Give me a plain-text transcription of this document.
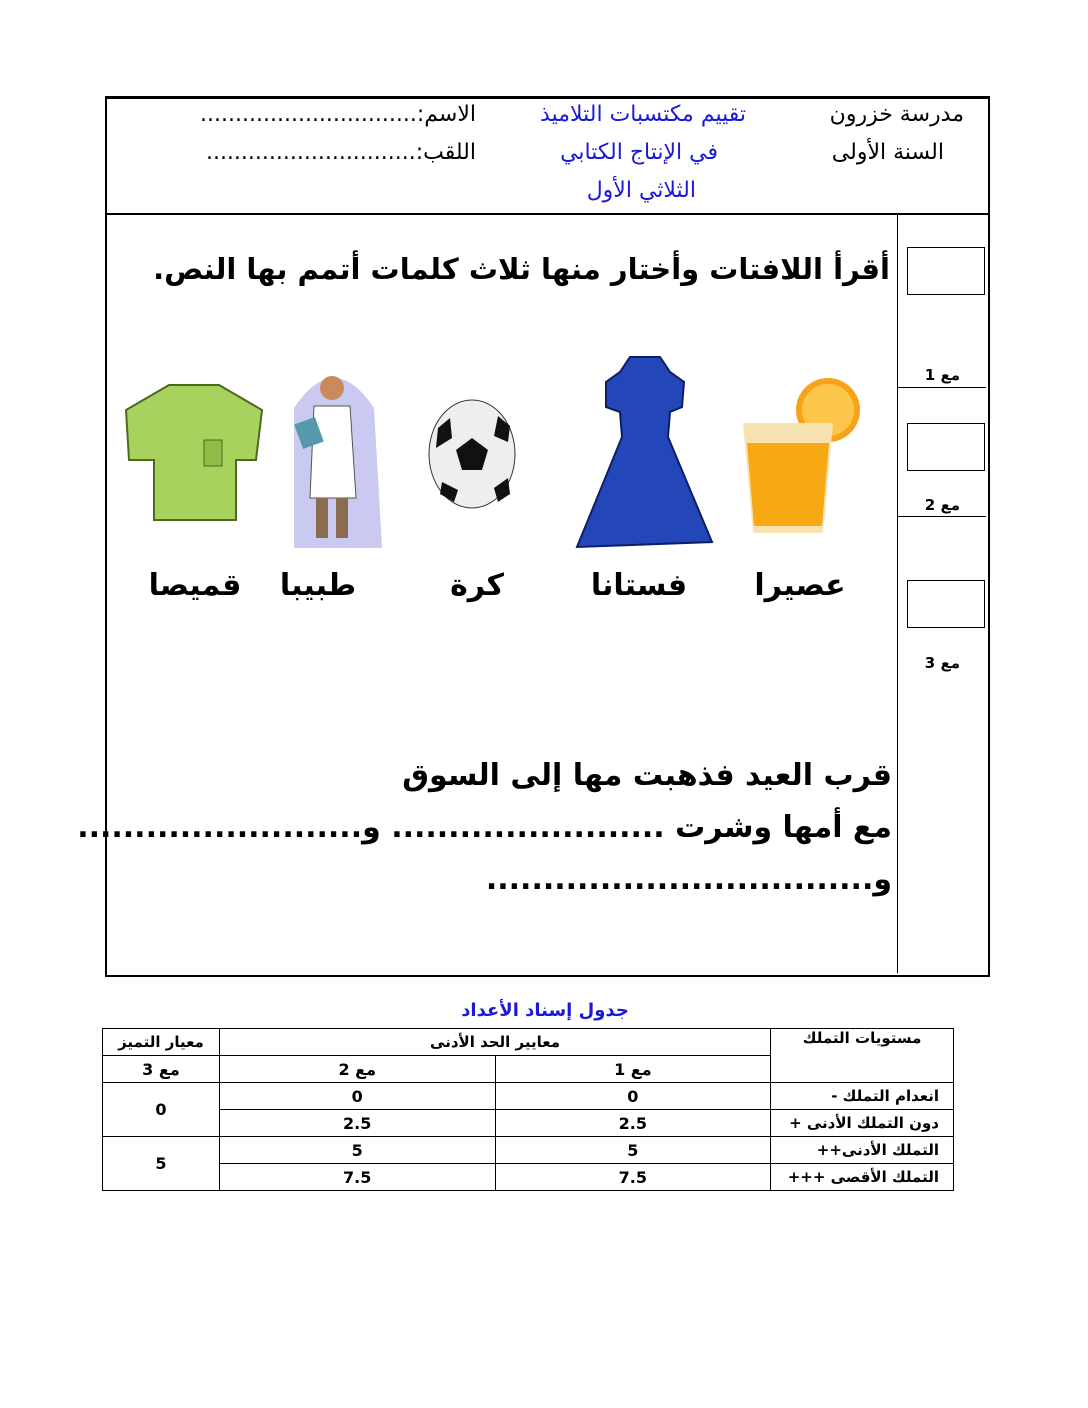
مدرسة خزرون
السنة الأولى
تقييم مكتسبات التلاميذ
في الإنتاج الكتابي
الثلاثي الأول
الاسم:...............................
اللقب:..............................
مع 1
مع 2
مع 3
أقرأ اللافتات وأختار منها ثلاث كلمات أتمم بها النص.
عصيرا
فستانا
كرة
طبيبا
قميصا
قرب العيد فذهبت مها إلى السوق
مع أمها وشرت ........................ و.........................
و..................................
جدول إسناد الأعداد
مستويات التملك	معايير الحد الأدنى		معيار التميز
	مع 1	مع 2	مع 3
انعدام التملك -	0	0	0
دون التملك الأدنى +	2.5	2.5	
التملك الأدنى++	5	5	5
التملك الأقصى +++	7.5	7.5	
